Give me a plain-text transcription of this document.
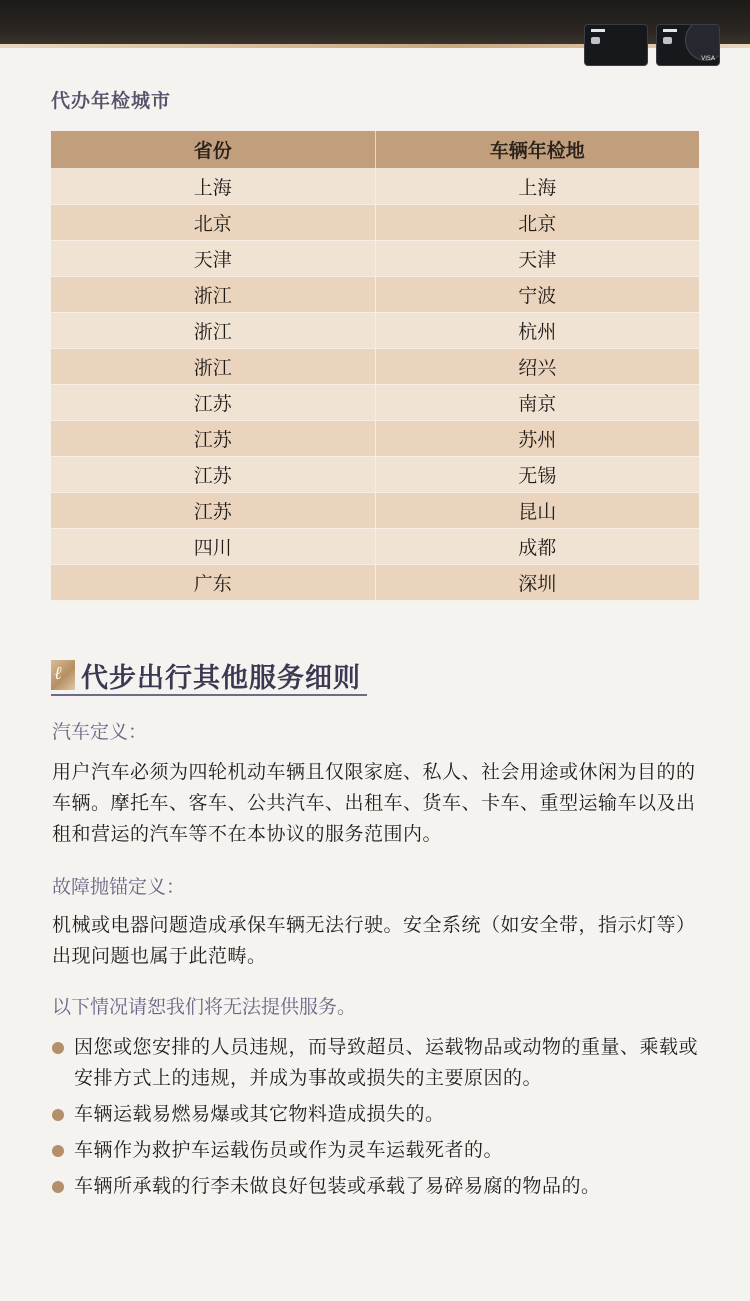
VISA
代办年检城市
省份	车辆年检地
上海	上海
北京	北京
天津	天津
浙江	宁波
浙江	杭州
浙江	绍兴
江苏	南京
江苏	苏州
江苏	无锡
江苏	昆山
四川	成都
广东	深圳
ℓ 代步出行其他服务细则
汽车定义：
用户汽车必须为四轮机动车辆且仅限家庭、私人、社会用途或休闲为目的的车辆。摩托车、客车、公共汽车、出租车、货车、卡车、重型运输车以及出租和营运的汽车等不在本协议的服务范围内。
故障抛锚定义：
机械或电器问题造成承保车辆无法行驶。安全系统（如安全带，指示灯等）出现问题也属于此范畴。
以下情况请恕我们将无法提供服务。
因您或您安排的人员违规，而导致超员、运载物品或动物的重量、乘载或安排方式上的违规，并成为事故或损失的主要原因的。
车辆运载易燃易爆或其它物料造成损失的。
车辆作为救护车运载伤员或作为灵车运载死者的。
车辆所承载的行李未做良好包装或承载了易碎易腐的物品的。
